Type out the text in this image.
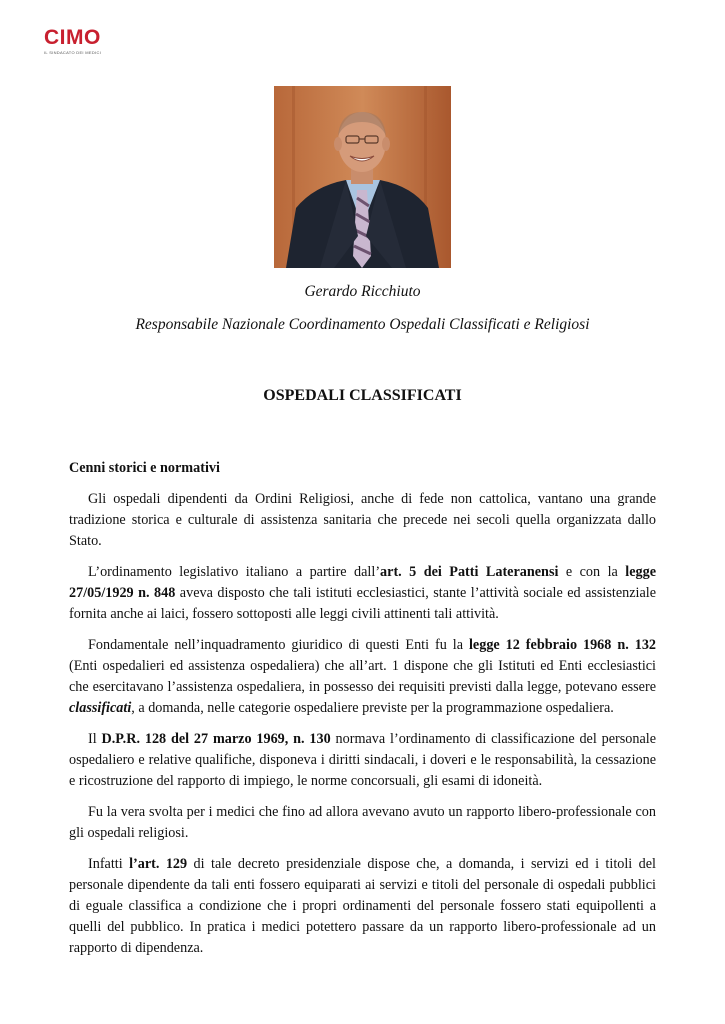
CIMO
IL SINDACATO DEI MEDICI
Gerardo Ricchiuto
Responsabile Nazionale Coordinamento Ospedali Classificati e Religiosi
OSPEDALI CLASSIFICATI
Cenni storici e normativi

Gli ospedali dipendenti da Ordini Religiosi, anche di fede non cattolica, vantano una grande tradizione storica e culturale di assistenza sanitaria che precede nei secoli quella organizzata dallo Stato.

L’ordinamento legislativo italiano a partire dall’art. 5 dei Patti Lateranensi e con la legge 27/05/1929 n. 848 aveva disposto che tali istituti ecclesiastici, stante l’attività sociale ed assistenziale fornita anche ai laici, fossero sottoposti alle leggi civili attinenti tali attività.

Fondamentale nell’inquadramento giuridico di questi Enti fu la legge 12 febbraio 1968 n. 132 (Enti ospedalieri ed assistenza ospedaliera) che all’art. 1 dispone che gli Istituti ed Enti ecclesiastici che esercitavano l’assistenza ospedaliera, in possesso dei requisiti previsti dalla legge, potevano essere classificati, a domanda, nelle categorie ospedaliere previste per la programmazione ospedaliera.

Il D.P.R. 128 del 27 marzo 1969, n. 130 normava l’ordinamento di classificazione del personale ospedaliero e relative qualifiche, disponeva i diritti sindacali, i doveri e le responsabilità, la cessazione e ricostruzione del rapporto di impiego, le norme concorsuali, gli esami di idoneità.

Fu la vera svolta per i medici che fino ad allora avevano avuto un rapporto libero-professionale con gli ospedali religiosi.

Infatti l’art. 129 di tale decreto presidenziale dispose che, a domanda, i servizi ed i titoli del personale dipendente da tali enti fossero equiparati ai servizi e titoli del personale di ospedali pubblici di eguale classifica a condizione che i propri ordinamenti del personale fossero stati equipollenti a quelli del pubblico. In pratica i medici potettero passare da un rapporto libero-professionale ad un rapporto di dipendenza.
